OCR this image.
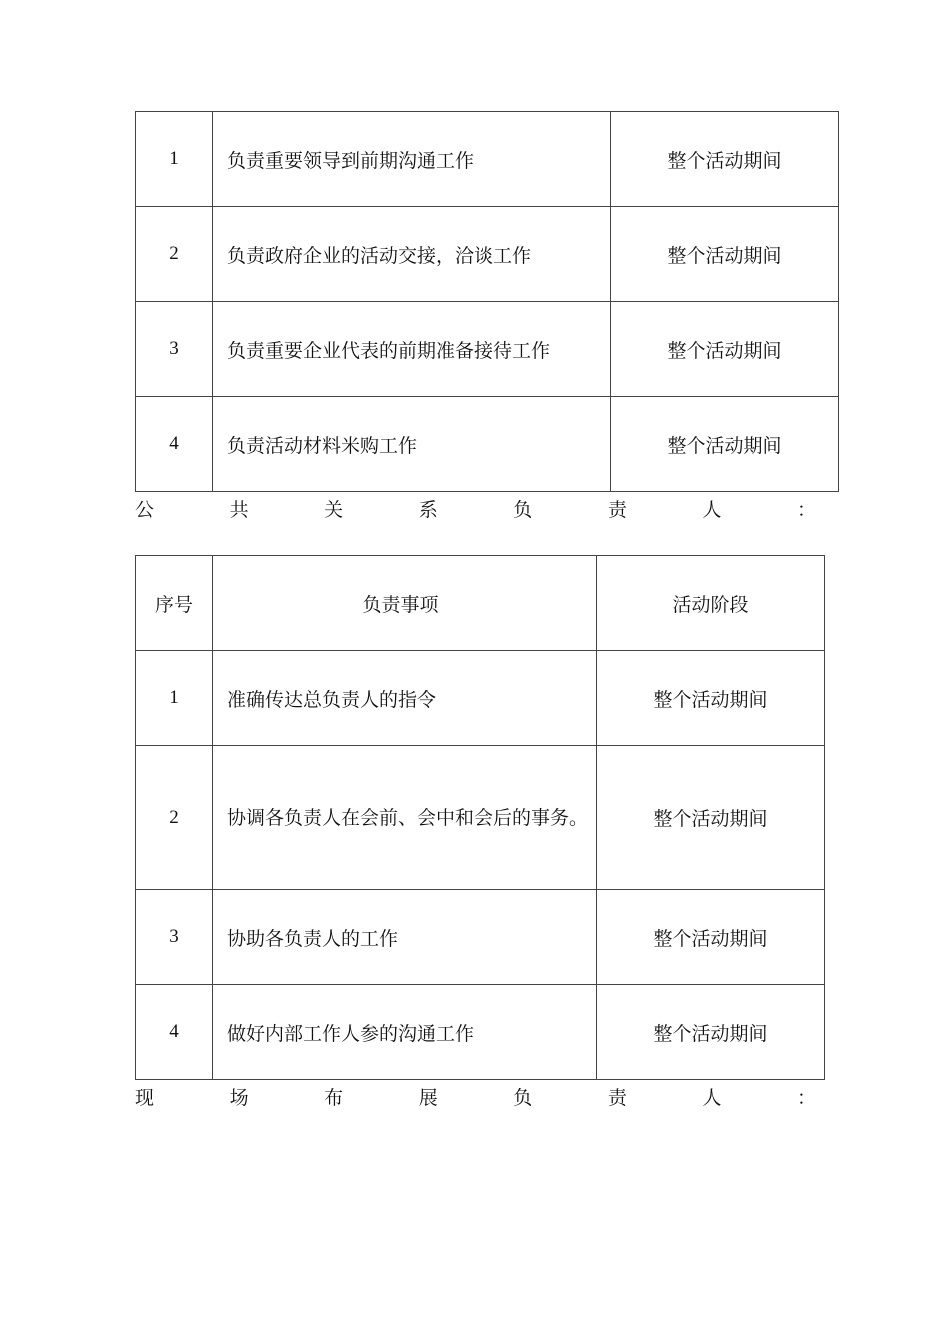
1	负责重要领导到前期沟通工作	整个活动期间
2	负责政府企业的活动交接，洽谈工作	整个活动期间
3	负责重要企业代表的前期准备接待工作	整个活动期间
4	负责活动材料米购工作	整个活动期间
公	共	关	系	负	责	人	：
序号	负责事项	活动阶段
1	准确传达总负责人的指令	整个活动期间
2	协调各负责人在会前、会中和会后的事务。	整个活动期间
3	协助各负责人的工作	整个活动期间
4	做好内部工作人参的沟通工作	整个活动期间
现	场	布	展	负	责	人	：
